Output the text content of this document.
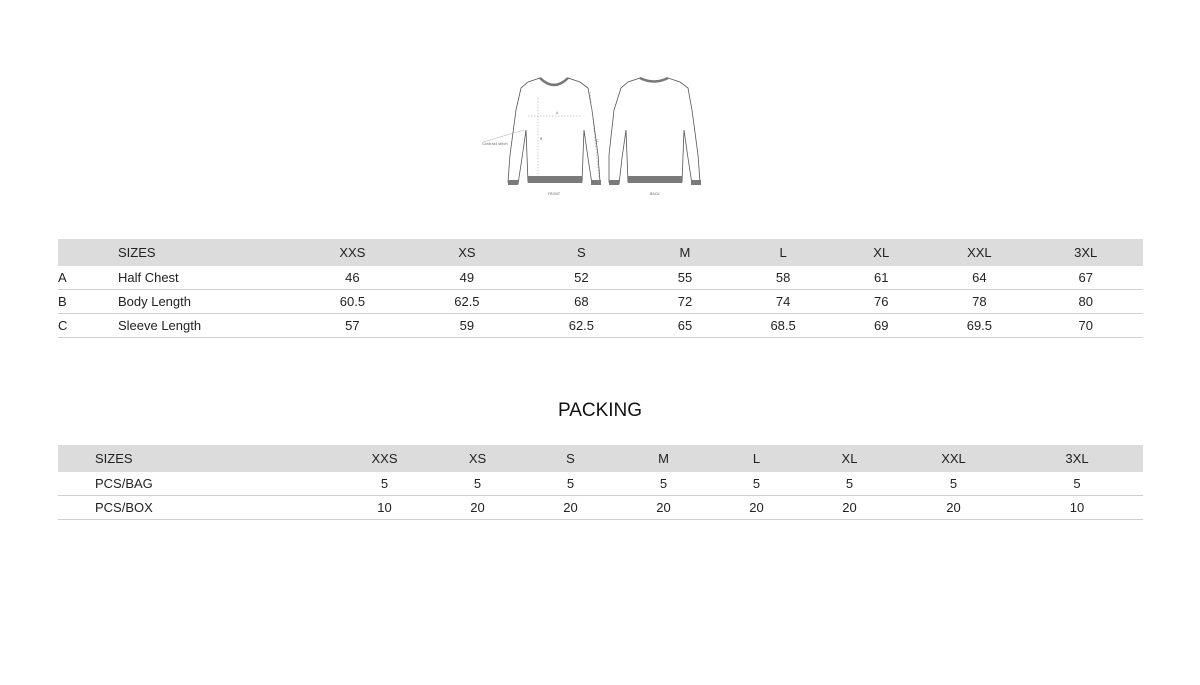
A
B	C
Contrast stitch
FRONT	BACK
	SIZES	XXS	XS	S	M	L	XL	XXL	3XL
A	Half Chest	46	49	52	55	58	61	64	67
B	Body Length	60.5	62.5	68	72	74	76	78	80
C	Sleeve Length	57	59	62.5	65	68.5	69	69.5	70
PACKING
SIZES	XXS	XS	S	M	L	XL	XXL	3XL
PCS/BAG	5	5	5	5	5	5	5	5
PCS/BOX	10	20	20	20	20	20	20	10
